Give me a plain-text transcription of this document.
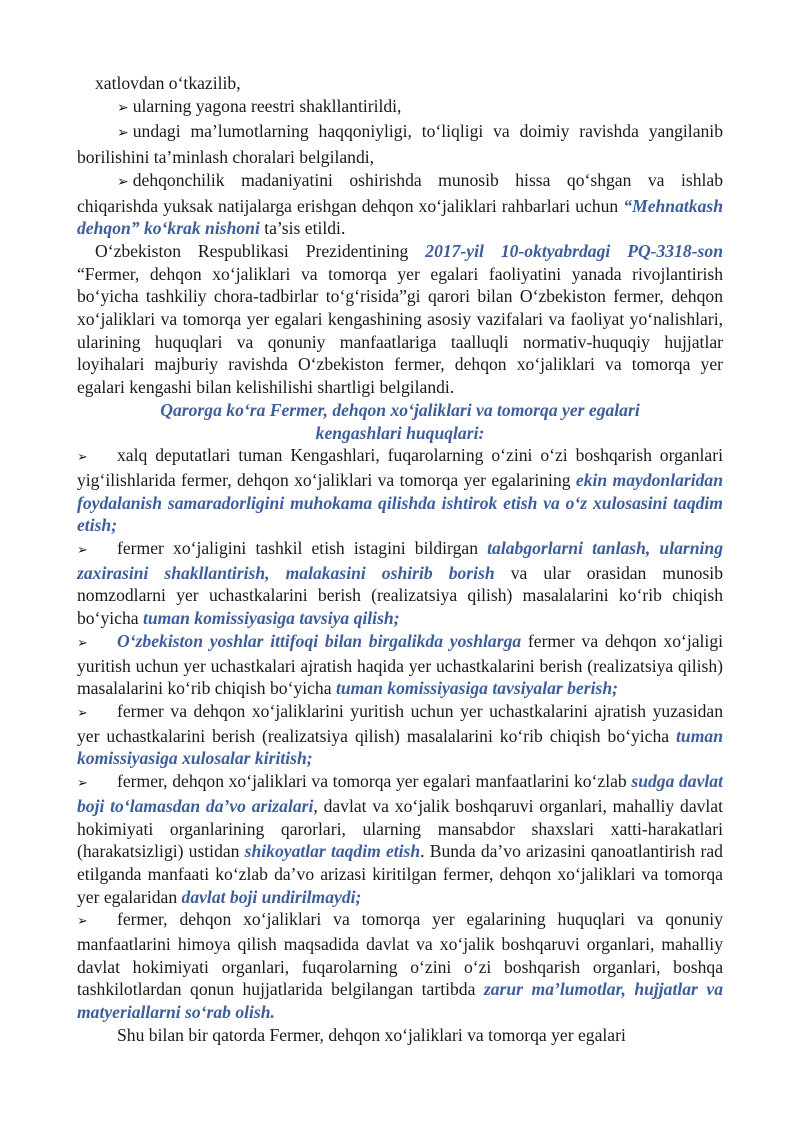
xatlovdan oʻtkazilib,

➢ ularning yagona reestri shakllantirildi,

➢ undagi ma’lumotlarning haqqoniyligi, toʻliqligi va doimiy ravishda yangilanib borilishini ta’minlash choralari belgilandi,

➢ dehqonchilik madaniyatini oshirishda munosib hissa qoʻshgan va ishlab chiqarishda yuksak natijalarga erishgan dehqon xoʻjaliklari rahbarlari uchun “Mehnatkash dehqon” koʻkrak nishoni ta’sis etildi.

Oʻzbekiston Respublikasi Prezidentining 2017-yil 10-oktyabrdagi PQ-3318-son “Fermer, dehqon xoʻjaliklari va tomorqa yer egalari faoliyatini yanada rivojlantirish boʻyicha tashkiliy chora-tadbirlar toʻgʻrisida”gi qarori bilan Oʻzbekiston fermer, dehqon xoʻjaliklari va tomorqa yer egalari kengashining asosiy vazifalari va faoliyat yoʻnalishlari, ularining huquqlari va qonuniy manfaatlariga taalluqli normativ-huquqiy hujjatlar loyihalari majburiy ravishda Oʻzbekiston fermer, dehqon xoʻjaliklari va tomorqa yer egalari kengashi bilan kelishilishi shartligi belgilandi.

Qarorga koʻra Fermer, dehqon xoʻjaliklari va tomorqa yer egalari
kengashlari huquqlari:

➢ xalq deputatlari tuman Kengashlari, fuqarolarning oʻzini oʻzi boshqarish organlari yigʻilishlarida fermer, dehqon xoʻjaliklari va tomorqa yer egalarining ekin maydonlaridan foydalanish samaradorligini muhokama qilishda ishtirok etish va oʻz xulosasini taqdim etish;

➢ fermer xoʻjaligini tashkil etish istagini bildirgan talabgorlarni tanlash, ularning zaxirasini shakllantirish, malakasini oshirib borish va ular orasidan munosib nomzodlarni yer uchastkalarini berish (realizatsiya qilish) masalalarini koʻrib chiqish boʻyicha tuman komissiyasiga tavsiya qilish;

➢ Oʻzbekiston yoshlar ittifoqi bilan birgalikda yoshlarga fermer va dehqon xoʻjaligi yuritish uchun yer uchastkalari ajratish haqida yer uchastkalarini berish (realizatsiya qilish) masalalarini koʻrib chiqish boʻyicha tuman komissiyasiga tavsiyalar berish;

➢ fermer va dehqon xoʻjaliklarini yuritish uchun yer uchastkalarini ajratish yuzasidan yer uchastkalarini berish (realizatsiya qilish) masalalarini koʻrib chiqish boʻyicha tuman komissiyasiga xulosalar kiritish;

➢ fermer, dehqon xoʻjaliklari va tomorqa yer egalari manfaatlarini koʻzlab sudga davlat boji toʻlamasdan da’vo arizalari, davlat va xoʻjalik boshqaruvi organlari, mahalliy davlat hokimiyati organlarining qarorlari, ularning mansabdor shaxslari xatti-harakatlari (harakatsizligi) ustidan shikoyatlar taqdim etish. Bunda da’vo arizasini qanoatlantirish rad etilganda manfaati koʻzlab da’vo arizasi kiritilgan fermer, dehqon xoʻjaliklari va tomorqa yer egalaridan davlat boji undirilmaydi;

➢ fermer, dehqon xoʻjaliklari va tomorqa yer egalarining huquqlari va qonuniy manfaatlarini himoya qilish maqsadida davlat va xoʻjalik boshqaruvi organlari, mahalliy davlat hokimiyati organlari, fuqarolarning oʻzini oʻzi boshqarish organlari, boshqa tashkilotlardan qonun hujjatlarida belgilangan tartibda zarur ma’lumotlar, hujjatlar va matyeriallarni soʻrab olish.

Shu bilan bir qatorda Fermer, dehqon xoʻjaliklari va tomorqa yer egalari
